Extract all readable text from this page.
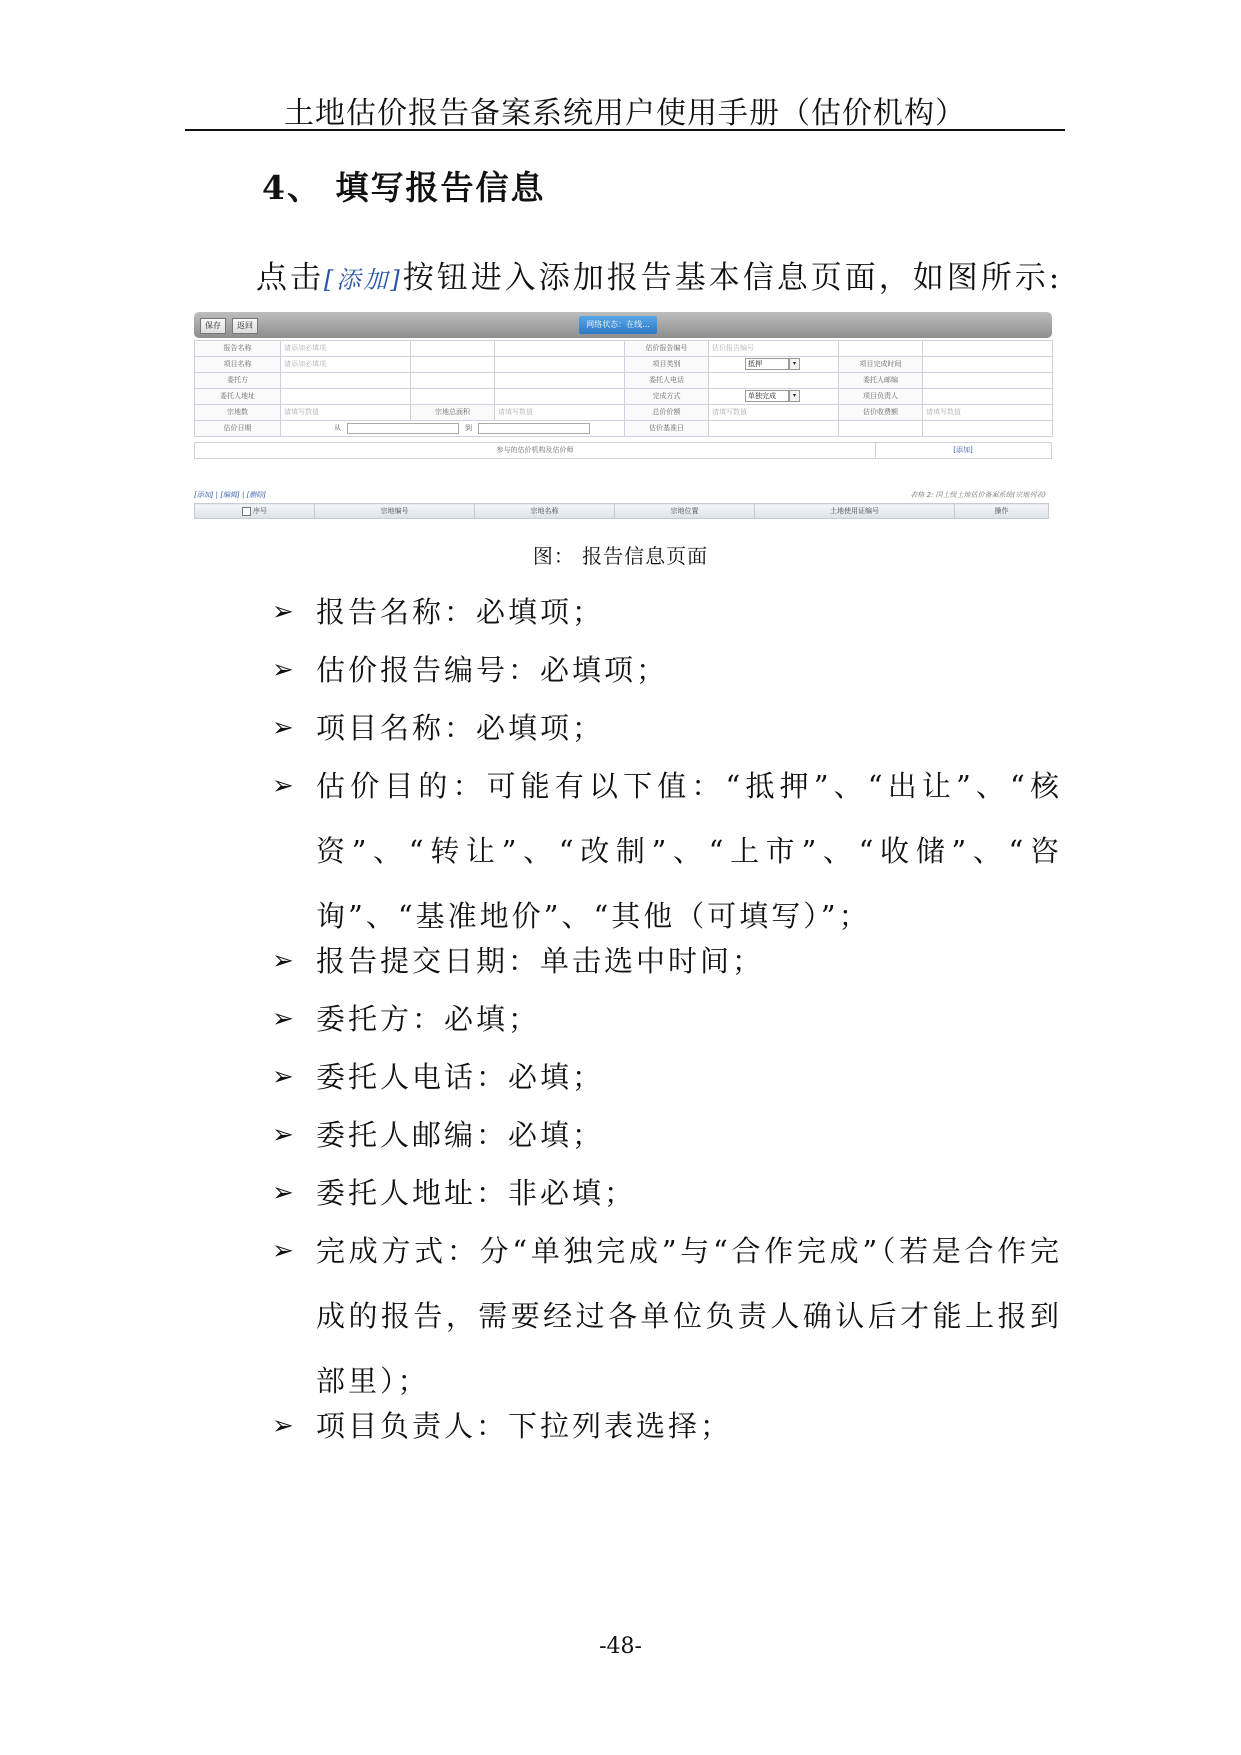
土地估价报告备案系统用户使用手册（估价机构）
4、 填写报告信息
点击[添加]按钮进入添加报告基本信息页面，如图所示:
保存	返回	网络状态：在线...
报告名称	请添加必填项			估价报告编号	估价报告编号		
项目名称	请添加必填项			项目类别	抵押 ▾	项目完成时间	
委托方				委托人电话		委托人邮编	
委托人地址				完成方式	单独完成 ▾	项目负责人	
宗地数	请填写数值	宗地总面积	请填写数值	总价价额	请填写数值	估价收费额	请填写数值
估价日期	从 到			估价基准日			
参与的估价机构及估价师	[添加]
[添加] | [编辑] | [删除]	表格 2: 国土级土地估价备案系统(宗地列表)
序号	宗地编号	宗地名称	宗地位置	土地使用证编号	操作
图： 报告信息页面
➢ 报告名称：必填项；
➢ 估价报告编号：必填项；
➢ 项目名称：必填项；
➢ 估价目的：可能有以下值：“抵押”、“出让”、“核资”、“转让”、“改制”、“上市”、“收储”、“咨询”、“基准地价”、“其他（可填写）”；
➢ 报告提交日期：单击选中时间；
➢ 委托方：必填；
➢ 委托人电话：必填；
➢ 委托人邮编：必填；
➢ 委托人地址：非必填；
➢ 完成方式：分“单独完成”与“合作完成”（若是合作完成的报告，需要经过各单位负责人确认后才能上报到部里）；
➢ 项目负责人：下拉列表选择；
-48-
